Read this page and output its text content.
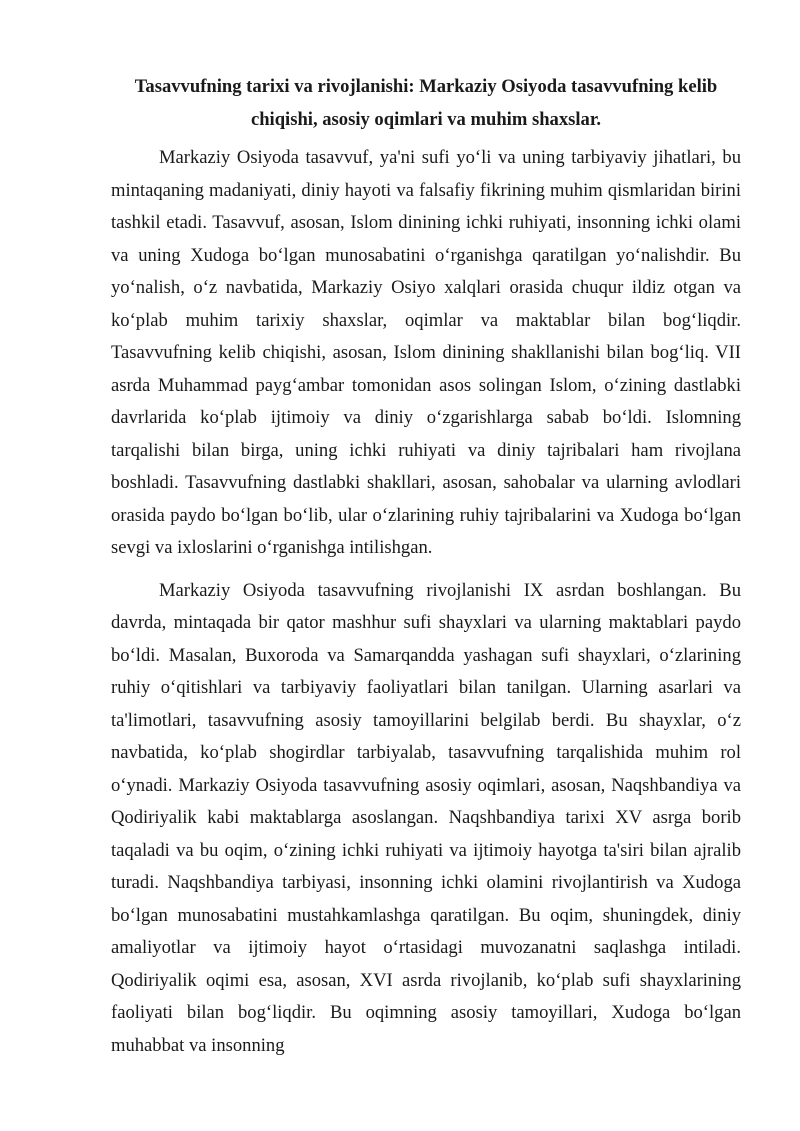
Tasavvufning tarixi va rivojlanishi: Markaziy Osiyoda tasavvufning kelib chiqishi, asosiy oqimlari va muhim shaxslar.

Markaziy Osiyoda tasavvuf, ya'ni sufi yo‘li va uning tarbiyaviy jihatlari, bu mintaqaning madaniyati, diniy hayoti va falsafiy fikrining muhim qismlaridan birini tashkil etadi. Tasavvuf, asosan, Islom dinining ichki ruhiyati, insonning ichki olami va uning Xudoga bo‘lgan munosabatini o‘rganishga qaratilgan yo‘nalishdir. Bu yo‘nalish, o‘z navbatida, Markaziy Osiyo xalqlari orasida chuqur ildiz otgan va ko‘plab muhim tarixiy shaxslar, oqimlar va maktablar bilan bog‘liqdir. Tasavvufning kelib chiqishi, asosan, Islom dinining shakllanishi bilan bog‘liq. VII asrda Muhammad payg‘ambar tomonidan asos solingan Islom, o‘zining dastlabki davrlarida ko‘plab ijtimoiy va diniy o‘zgarishlarga sabab bo‘ldi. Islomning tarqalishi bilan birga, uning ichki ruhiyati va diniy tajribalari ham rivojlana boshladi. Tasavvufning dastlabki shakllari, asosan, sahobalar va ularning avlodlari orasida paydo bo‘lgan bo‘lib, ular o‘zlarining ruhiy tajribalarini va Xudoga bo‘lgan sevgi va ixloslarini o‘rganishga intilishgan.

Markaziy Osiyoda tasavvufning rivojlanishi IX asrdan boshlangan. Bu davrda, mintaqada bir qator mashhur sufi shayxlari va ularning maktablari paydo bo‘ldi. Masalan, Buxoroda va Samarqandda yashagan sufi shayxlari, o‘zlarining ruhiy o‘qitishlari va tarbiyaviy faoliyatlari bilan tanilgan. Ularning asarlari va ta'limotlari, tasavvufning asosiy tamoyillarini belgilab berdi. Bu shayxlar, o‘z navbatida, ko‘plab shogirdlar tarbiyalab, tasavvufning tarqalishida muhim rol o‘ynadi. Markaziy Osiyoda tasavvufning asosiy oqimlari, asosan, Naqshbandiya va Qodiriyalik kabi maktablarga asoslangan. Naqshbandiya tarixi XV asrga borib taqaladi va bu oqim, o‘zining ichki ruhiyati va ijtimoiy hayotga ta'siri bilan ajralib turadi. Naqshbandiya tarbiyasi, insonning ichki olamini rivojlantirish va Xudoga bo‘lgan munosabatini mustahkamlashga qaratilgan. Bu oqim, shuningdek, diniy amaliyotlar va ijtimoiy hayot o‘rtasidagi muvozanatni saqlashga intiladi. Qodiriyalik oqimi esa, asosan, XVI asrda rivojlanib, ko‘plab sufi shayxlarining faoliyati bilan bog‘liqdir. Bu oqimning asosiy tamoyillari, Xudoga bo‘lgan muhabbat va insonning
